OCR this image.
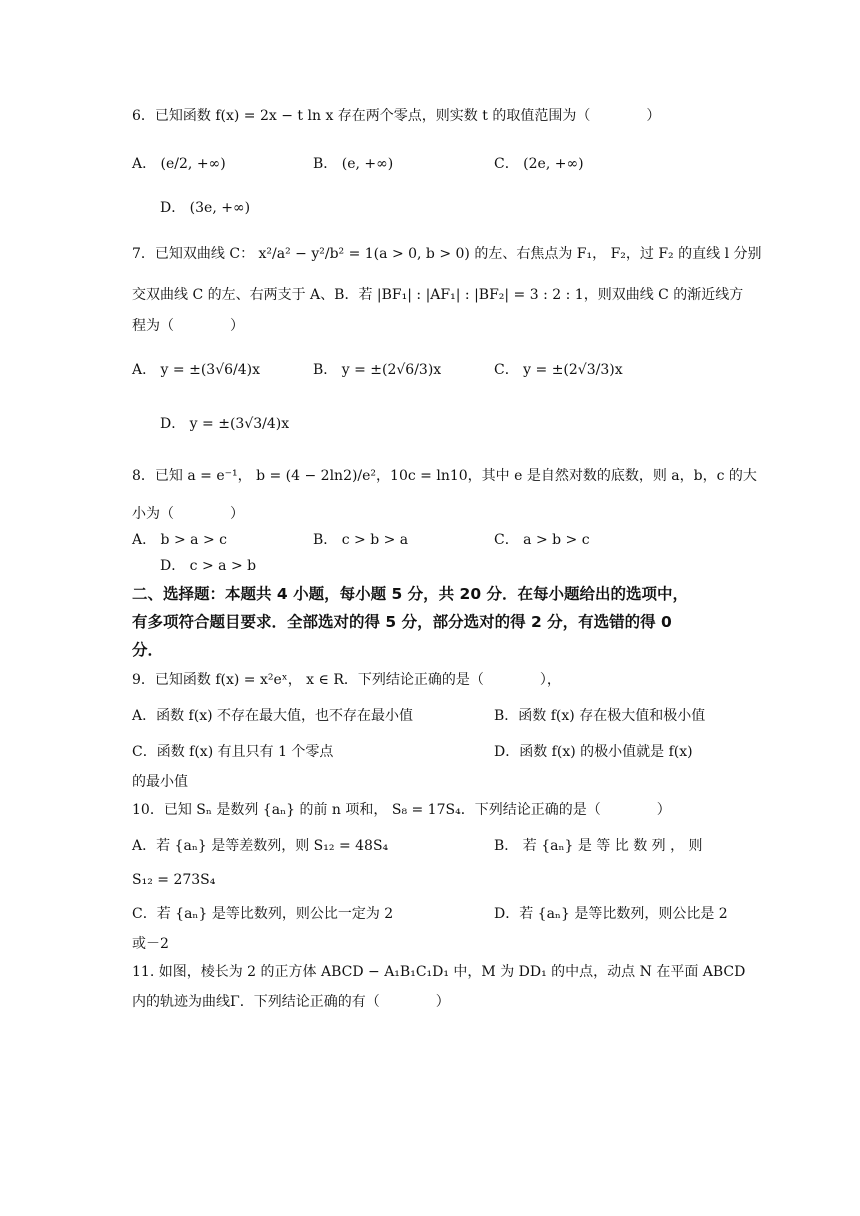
6．已知函数 f(x) = 2x − t ln x 存在两个零点，则实数 t 的取值范围为（　　　　）
A． (e/2, +∞)	B． (e, +∞)	C． (2e, +∞)
D． (3e, +∞)
7．已知双曲线 C： x²/a² − y²/b² = 1(a > 0, b > 0) 的左、右焦点为 F₁， F₂，过 F₂ 的直线 l 分别
交双曲线 C 的左、右两支于 A、B．若 |BF₁| : |AF₁| : |BF₂| = 3 : 2 : 1，则双曲线 C 的渐近线方
程为（　　　　）
A． y = ±(3√6/4)x	B． y = ±(2√6/3)x	C． y = ±(2√3/3)x
D． y = ±(3√3/4)x
8．已知 a = e⁻¹， b = (4 − 2ln2)/e²，10c = ln10，其中 e 是自然对数的底数，则 a，b，c 的大
小为（　　　　）
A． b > a > c	B． c > b > a	C． a > b > c
D． c > a > b
二、选择题：本题共 4 小题，每小题 5 分，共 20 分．在每小题给出的选项中，
有多项符合题目要求．全部选对的得 5 分，部分选对的得 2 分，有选错的得 0
分．
9．已知函数 f(x) = x²eˣ， x ∈ R．下列结论正确的是（　　　　），
A．函数 f(x) 不存在最大值，也不存在最小值	B．函数 f(x) 存在极大值和极小值
C．函数 f(x) 有且只有 1 个零点	D．函数 f(x) 的极小值就是 f(x)
的最小值
10．已知 Sₙ 是数列 {aₙ} 的前 n 项和， S₈ = 17S₄．下列结论正确的是（　　　　）
A．若 {aₙ} 是等差数列，则 S₁₂ = 48S₄	B． 若 {aₙ} 是 等 比 数 列 ， 则
S₁₂ = 273S₄
C．若 {aₙ} 是等比数列，则公比一定为 2	D．若 {aₙ} 是等比数列，则公比是 2
或－2
11. 如图，棱长为 2 的正方体 ABCD − A₁B₁C₁D₁ 中，M 为 DD₁ 的中点，动点 N 在平面 ABCD
内的轨迹为曲线Γ．下列结论正确的有（　　　　）
